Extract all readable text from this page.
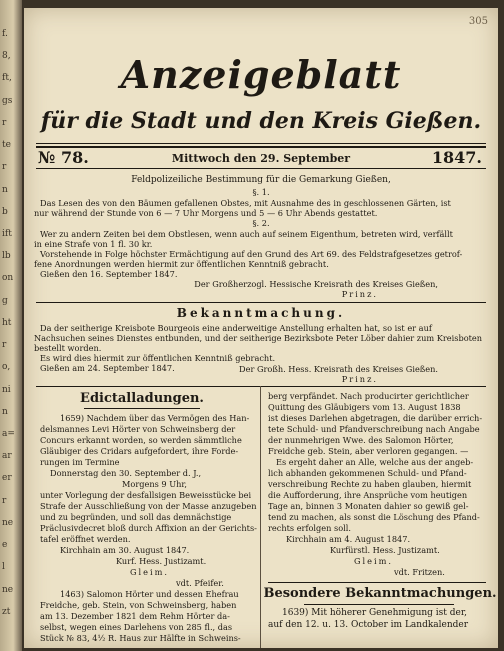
f.
8,
ft,
gs
r
te
r
n
b
ift
lb
on
g
ht
r
o,
ni
n
a=
ar
er
r
ne
e
l
ne
zt
305
Anzeigeblatt
für die Stadt und den Kreis Gießen.
№ 78.	Mittwoch den 29. September	1847.
Feldpolizeiliche Bestimmung für die Gemarkung Gießen,
§. 1.
Das Lesen des von den Bäumen gefallenen Obstes, mit Ausnahme des in geschlossenen Gärten, ist
nur während der Stunde von 6 — 7 Uhr Morgens und 5 — 6 Uhr Abends gestattet.
§. 2.
Wer zu andern Zeiten bei dem Obstlesen, wenn auch auf seinem Eigenthum, betreten wird, verfällt
in eine Strafe von 1 fl. 30 kr.
Vorstehende in Folge höchster Ermächtigung auf den Grund des Art 69. des Feldstrafgesetzes getrof-
fene Anordnungen werden hiermit zur öffentlichen Kenntniß gebracht.
Gießen den 16. September 1847.
Der Großherzogl. Hessische Kreisrath des Kreises Gießen,
Prinz.
Bekanntmachung.
Da der seitherige Kreisbote Bourgeois eine anderweitige Anstellung erhalten hat, so ist er auf
Nachsuchen seines Dienstes entbunden, und der seitherige Bezirksbote Peter Löber dahier zum Kreisboten
bestellt worden.
Es wird dies hiermit zur öffentlichen Kenntniß gebracht.
Gießen am 24. September 1847.	Der Großh. Hess. Kreisrath des Kreises Gießen.
Prinz.
Edictalladungen.
1659) Nachdem über das Vermögen des Han-
delsmannes Levi Hörter von Schweinsberg der
Concurs erkannt worden, so werden sämmtliche
Gläubiger des Cridars aufgefordert, ihre Forde-
rungen im Termine
Donnerstag den 30. September d. J.,
Morgens 9 Uhr,
unter Vorlegung der desfallsigen Beweisstücke bei
Strafe der Ausschließung von der Masse anzugeben
und zu begründen, und soll das demnächstige
Präclusivdecret bloß durch Affixion an der Gerichts-
tafel eröffnet werden.
Kirchhain am 30. August 1847.
Kurf. Hess. Justizamt.
Gleim.
vdt. Pfeifer.
1463) Salomon Hörter und dessen Ehefrau
Freidche, geb. Stein, von Schweinsberg, haben
am 13. Dezember 1821 dem Rehm Hörter da-
selbst, wegen eines Darlehens von 285 fl., das
Stück № 83, 4½ R. Haus zur Hälfte in Schweins-
berg verpfändet. Nach producirter gerichtlicher
Quittung des Gläubigers vom 13. August 1838
ist dieses Darlehen abgetragen, die darüber errich-
tete Schuld- und Pfandverschreibung nach Angabe
der nunmehrigen Wwe. des Salomon Hörter,
Freidche geb. Stein, aber verloren gegangen. —
Es ergeht daher an Alle, welche aus der angeb-
lich abhanden gekommenen Schuld- und Pfand-
verschreibung Rechte zu haben glauben, hiermit
die Aufforderung, ihre Ansprüche vom heutigen
Tage an, binnen 3 Monaten dahier so gewiß gel-
tend zu machen, als sonst die Löschung des Pfand-
rechts erfolgen soll.
Kirchhain am 4. August 1847.
Kurfürstl. Hess. Justizamt.
Gleim.
vdt. Fritzen.
Besondere Bekanntmachungen.
1639) Mit höherer Genehmigung ist der,
auf den 12. u. 13. October im Landkalender
